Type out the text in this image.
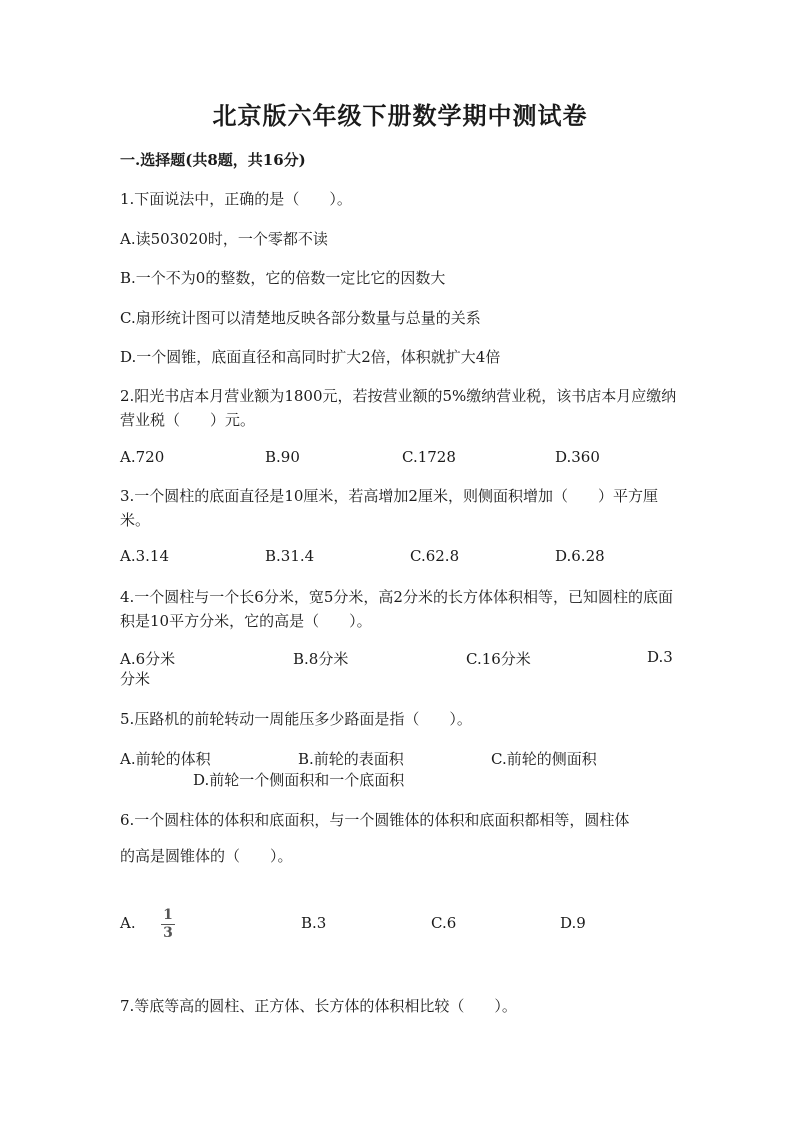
北京版六年级下册数学期中测试卷
一.选择题(共8题，共16分)
1.下面说法中，正确的是（　　）。
A.读503020时，一个零都不读
B.一个不为0的整数，它的倍数一定比它的因数大
C.扇形统计图可以清楚地反映各部分数量与总量的关系
D.一个圆锥，底面直径和高同时扩大2倍，体积就扩大4倍
2.阳光书店本月营业额为1800元，若按营业额的5%缴纳营业税，该书店本月应缴纳营业税（　　）元。
A.720	B.90	C.1728	D.360
3.一个圆柱的底面直径是10厘米，若高增加2厘米，则侧面积增加（　　）平方厘米。
A.3.14	B.31.4	C.62.8	D.6.28
4.一个圆柱与一个长6分米，宽5分米，高2分米的长方体体积相等，已知圆柱的底面积是10平方分米，它的高是（　　）。
A.6分米	B.8分米	C.16分米	D.3
分米
5.压路机的前轮转动一周能压多少路面是指（　　）。
A.前轮的体积	B.前轮的表面积	C.前轮的侧面积
D.前轮一个侧面积和一个底面积
6.一个圆柱体的体积和底面积，与一个圆锥体的体积和底面积都相等，圆柱体
的高是圆锥体的（　　）。
A. 1
3
B.3	C.6	D.9
7.等底等高的圆柱、正方体、长方体的体积相比较（　　）。
